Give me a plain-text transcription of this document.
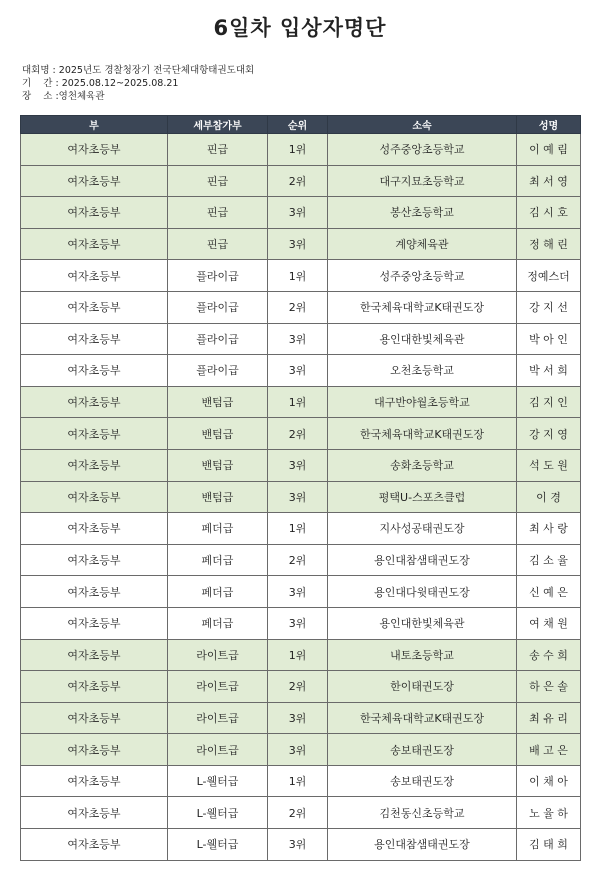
6일차 입상자명단
대회명 : 2025년도 경찰청장기 전국단체대항태권도대회
기    간 : 2025.08.12~2025.08.21
장    소 :영천체육관
부	세부참가부	순위	소속	성명
여자초등부	핀급	1위	성주중앙초등학교	이 예 림
여자초등부	핀급	2위	대구지묘초등학교	최 서 영
여자초등부	핀급	3위	봉산초등학교	김 시 호
여자초등부	핀급	3위	계양체육관	정 해 린
여자초등부	플라이급	1위	성주중앙초등학교	정예스더
여자초등부	플라이급	2위	한국체육대학교K태권도장	강 지 선
여자초등부	플라이급	3위	용인대한빛체육관	박 아 인
여자초등부	플라이급	3위	오천초등학교	박 서 희
여자초등부	밴텀급	1위	대구반야월초등학교	김 지 인
여자초등부	밴텀급	2위	한국체육대학교K태권도장	강 지 영
여자초등부	밴텀급	3위	송화초등학교	석 도 원
여자초등부	밴텀급	3위	평택U-스포츠클럽	이 경
여자초등부	페더급	1위	지사성공태권도장	최 사 랑
여자초등부	페더급	2위	용인대참샘태권도장	김 소 율
여자초등부	페더급	3위	용인대다윗태권도장	신 예 은
여자초등부	페더급	3위	용인대한빛체육관	여 채 원
여자초등부	라이트급	1위	내토초등학교	송 수 희
여자초등부	라이트급	2위	한이태권도장	하 은 솔
여자초등부	라이트급	3위	한국체육대학교K태권도장	최 유 리
여자초등부	라이트급	3위	송보태권도장	배 고 은
여자초등부	L-웰터급	1위	송보태권도장	이 채 아
여자초등부	L-웰터급	2위	김천동신초등학교	노 율 하
여자초등부	L-웰터급	3위	용인대참샘태권도장	김 태 희
